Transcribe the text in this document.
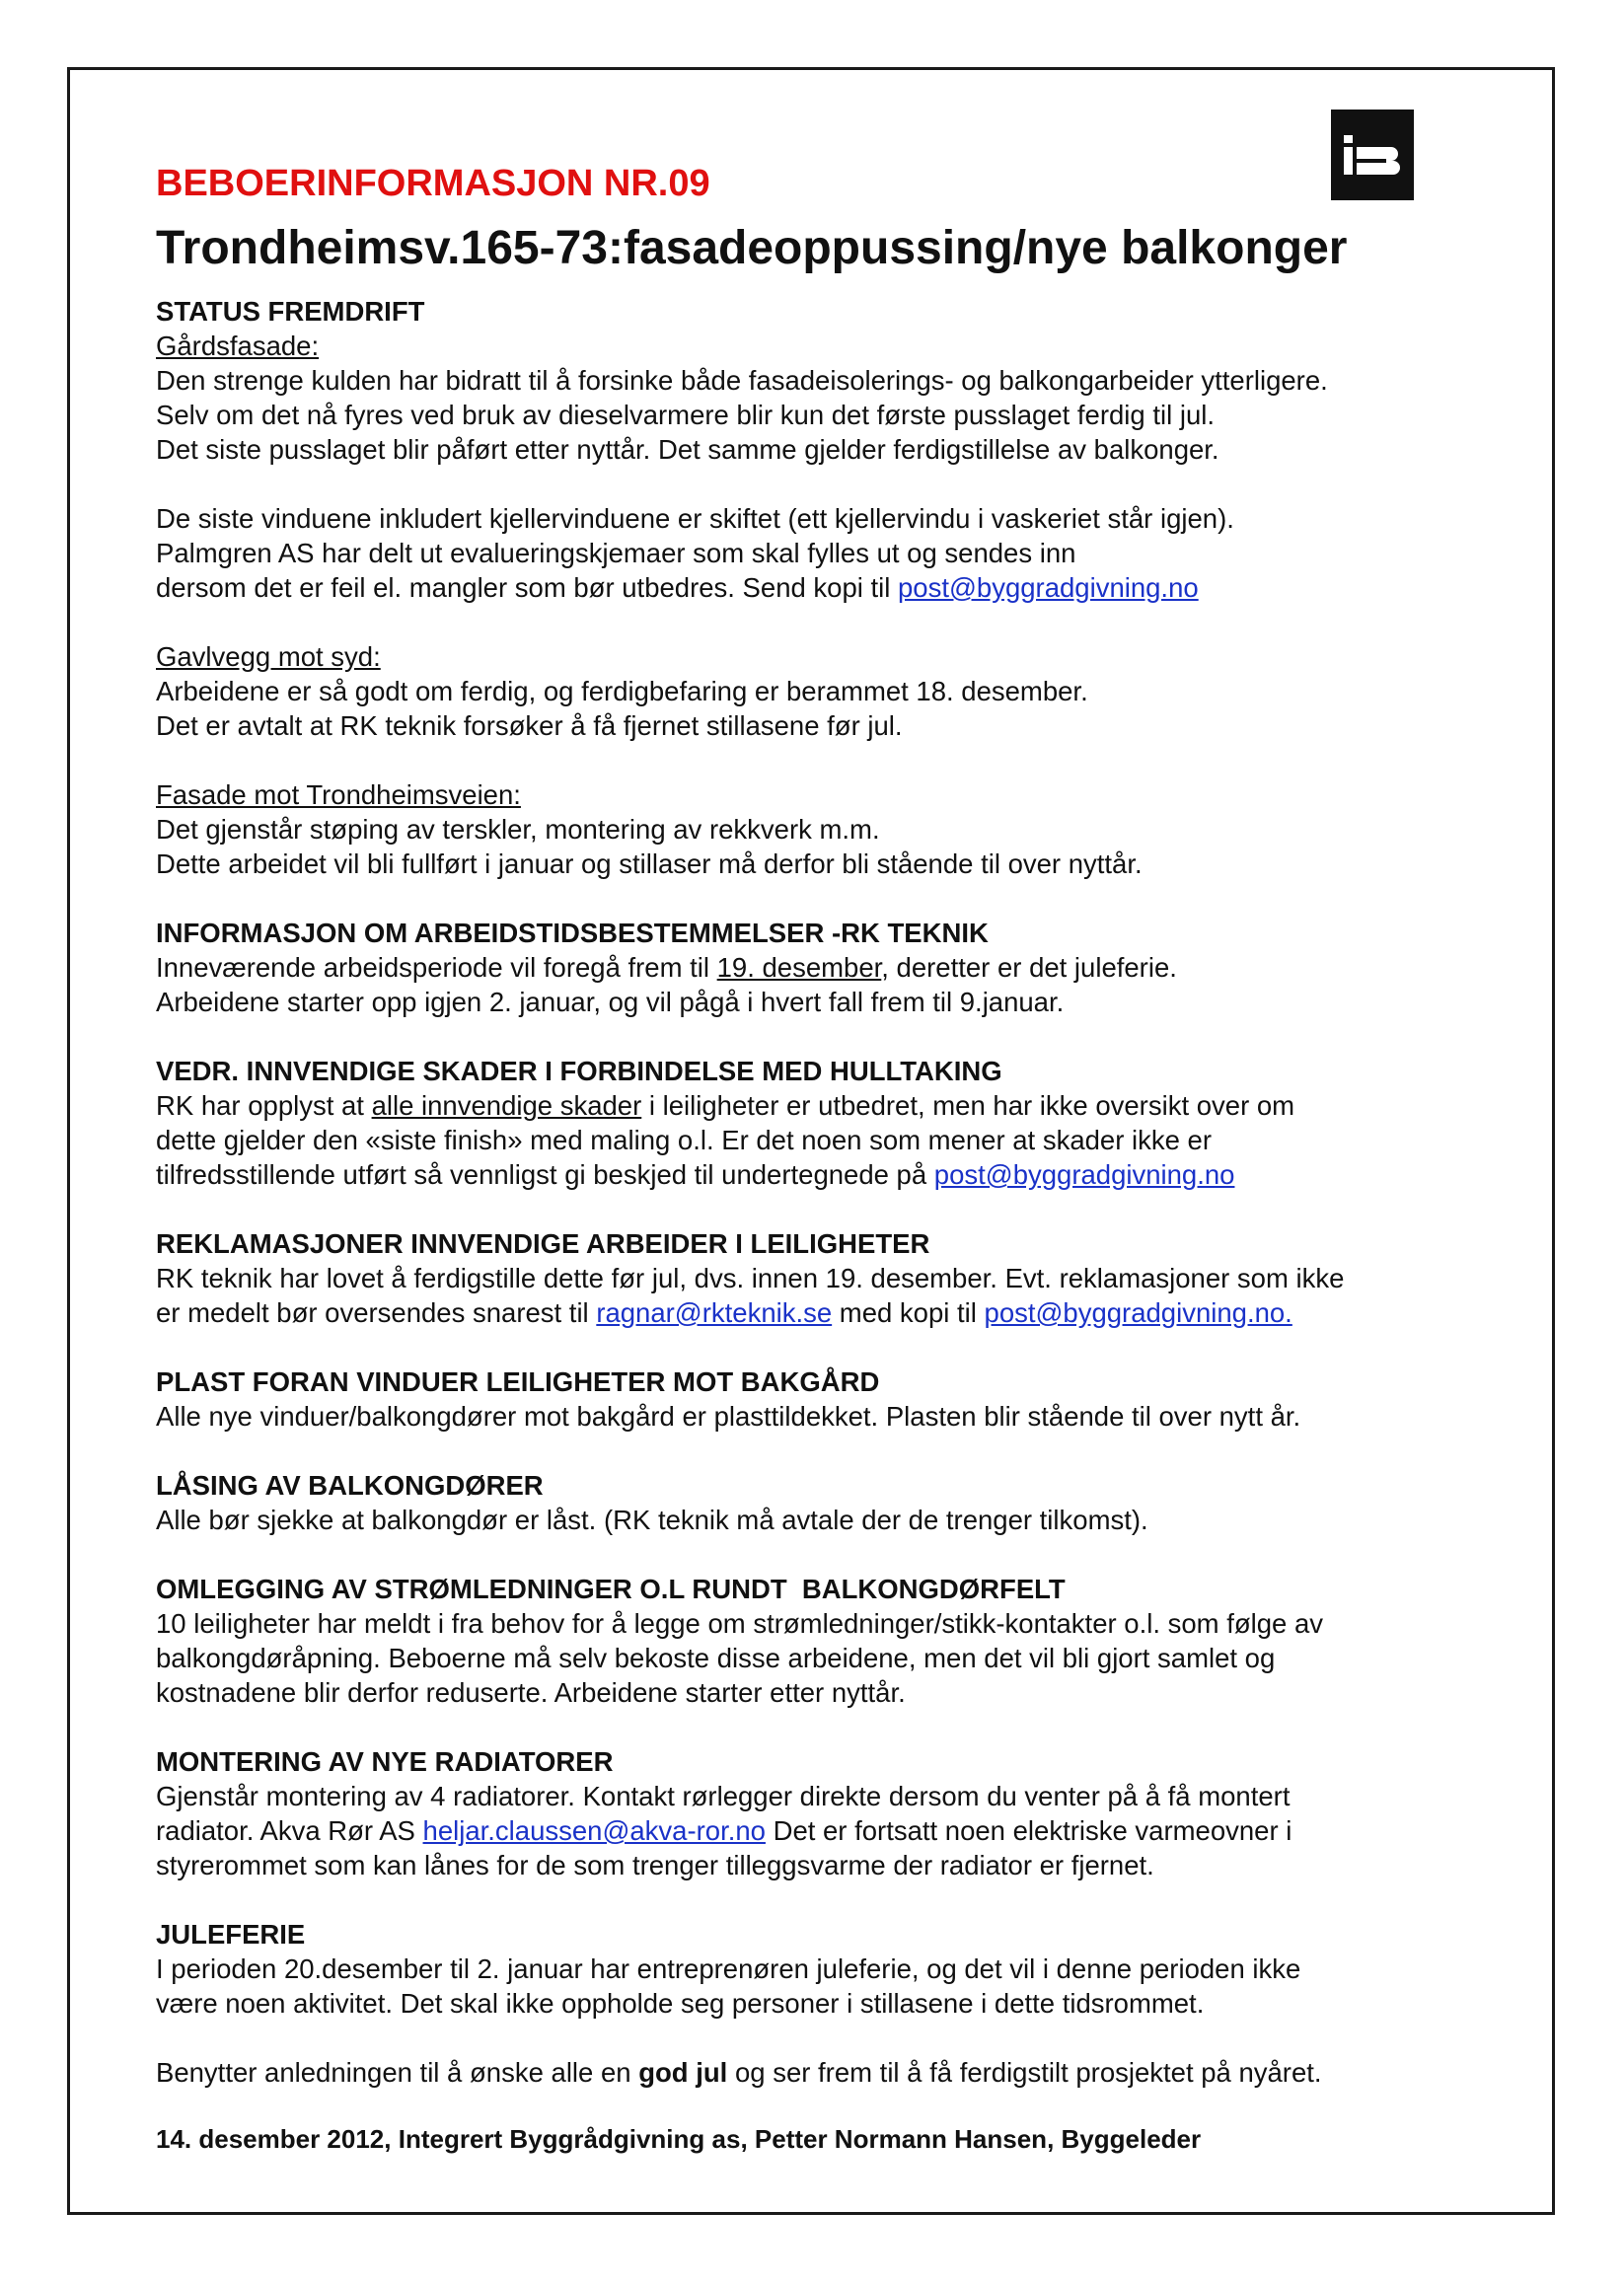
BEBOERINFORMASJON NR.09

Trondheimsv.165-73:fasadeoppussing/nye balkonger

STATUS FREMDRIFT

Gårdsfasade:

Den strenge kulden har bidratt til å forsinke både fasadeisolerings- og balkongarbeider ytterligere.

Selv om det nå fyres ved bruk av dieselvarmere blir kun det første pusslaget ferdig til jul.

Det siste pusslaget blir påført etter nyttår. Det samme gjelder ferdigstillelse av balkonger.

De siste vinduene inkludert kjellervinduene er skiftet (ett kjellervindu i vaskeriet står igjen).

Palmgren AS har delt ut evalueringskjemaer som skal fylles ut og sendes inn

dersom det er feil el. mangler som bør utbedres. Send kopi til post@byggradgivning.no

Gavlvegg mot syd:

Arbeidene er så godt om ferdig, og ferdigbefaring er berammet 18. desember.

Det er avtalt at RK teknik forsøker å få fjernet stillasene før jul.

Fasade mot Trondheimsveien:

Det gjenstår støping av terskler, montering av rekkverk m.m.

Dette arbeidet vil bli fullført i januar og stillaser må derfor bli stående til over nyttår.

INFORMASJON OM ARBEIDSTIDSBESTEMMELSER -RK TEKNIK

Inneværende arbeidsperiode vil foregå frem til 19. desember, deretter er det juleferie.

Arbeidene starter opp igjen 2. januar, og vil pågå i hvert fall frem til 9.januar.

VEDR. INNVENDIGE SKADER I FORBINDELSE MED HULLTAKING

RK har opplyst at alle innvendige skader i leiligheter er utbedret, men har ikke oversikt over om

dette gjelder den «siste finish» med maling o.l. Er det noen som mener at skader ikke er

tilfredsstillende utført så vennligst gi beskjed til undertegnede på post@byggradgivning.no

REKLAMASJONER INNVENDIGE ARBEIDER I LEILIGHETER

RK teknik har lovet å ferdigstille dette før jul, dvs. innen 19. desember. Evt. reklamasjoner som ikke

er medelt bør oversendes snarest til ragnar@rkteknik.se med kopi til post@byggradgivning.no.

PLAST FORAN VINDUER LEILIGHETER MOT BAKGÅRD

Alle nye vinduer/balkongdører mot bakgård er plasttildekket. Plasten blir stående til over nytt år.

LÅSING AV BALKONGDØRER

Alle bør sjekke at balkongdør er låst. (RK teknik må avtale der de trenger tilkomst).

OMLEGGING AV STRØMLEDNINGER O.L RUNDT  BALKONGDØRFELT

10 leiligheter har meldt i fra behov for å legge om strømledninger/stikk-kontakter o.l. som følge av

balkongdøråpning. Beboerne må selv bekoste disse arbeidene, men det vil bli gjort samlet og

kostnadene blir derfor reduserte. Arbeidene starter etter nyttår.

MONTERING AV NYE RADIATORER

Gjenstår montering av 4 radiatorer. Kontakt rørlegger direkte dersom du venter på å få montert

radiator. Akva Rør AS heljar.claussen@akva-ror.no Det er fortsatt noen elektriske varmeovner i

styrerommet som kan lånes for de som trenger tilleggsvarme der radiator er fjernet.

JULEFERIE

I perioden 20.desember til 2. januar har entreprenøren juleferie, og det vil i denne perioden ikke

være noen aktivitet. Det skal ikke oppholde seg personer i stillasene i dette tidsrommet.

Benytter anledningen til å ønske alle en god jul og ser frem til å få ferdigstilt prosjektet på nyåret.

14. desember 2012, Integrert Byggrådgivning as, Petter Normann Hansen, Byggeleder
